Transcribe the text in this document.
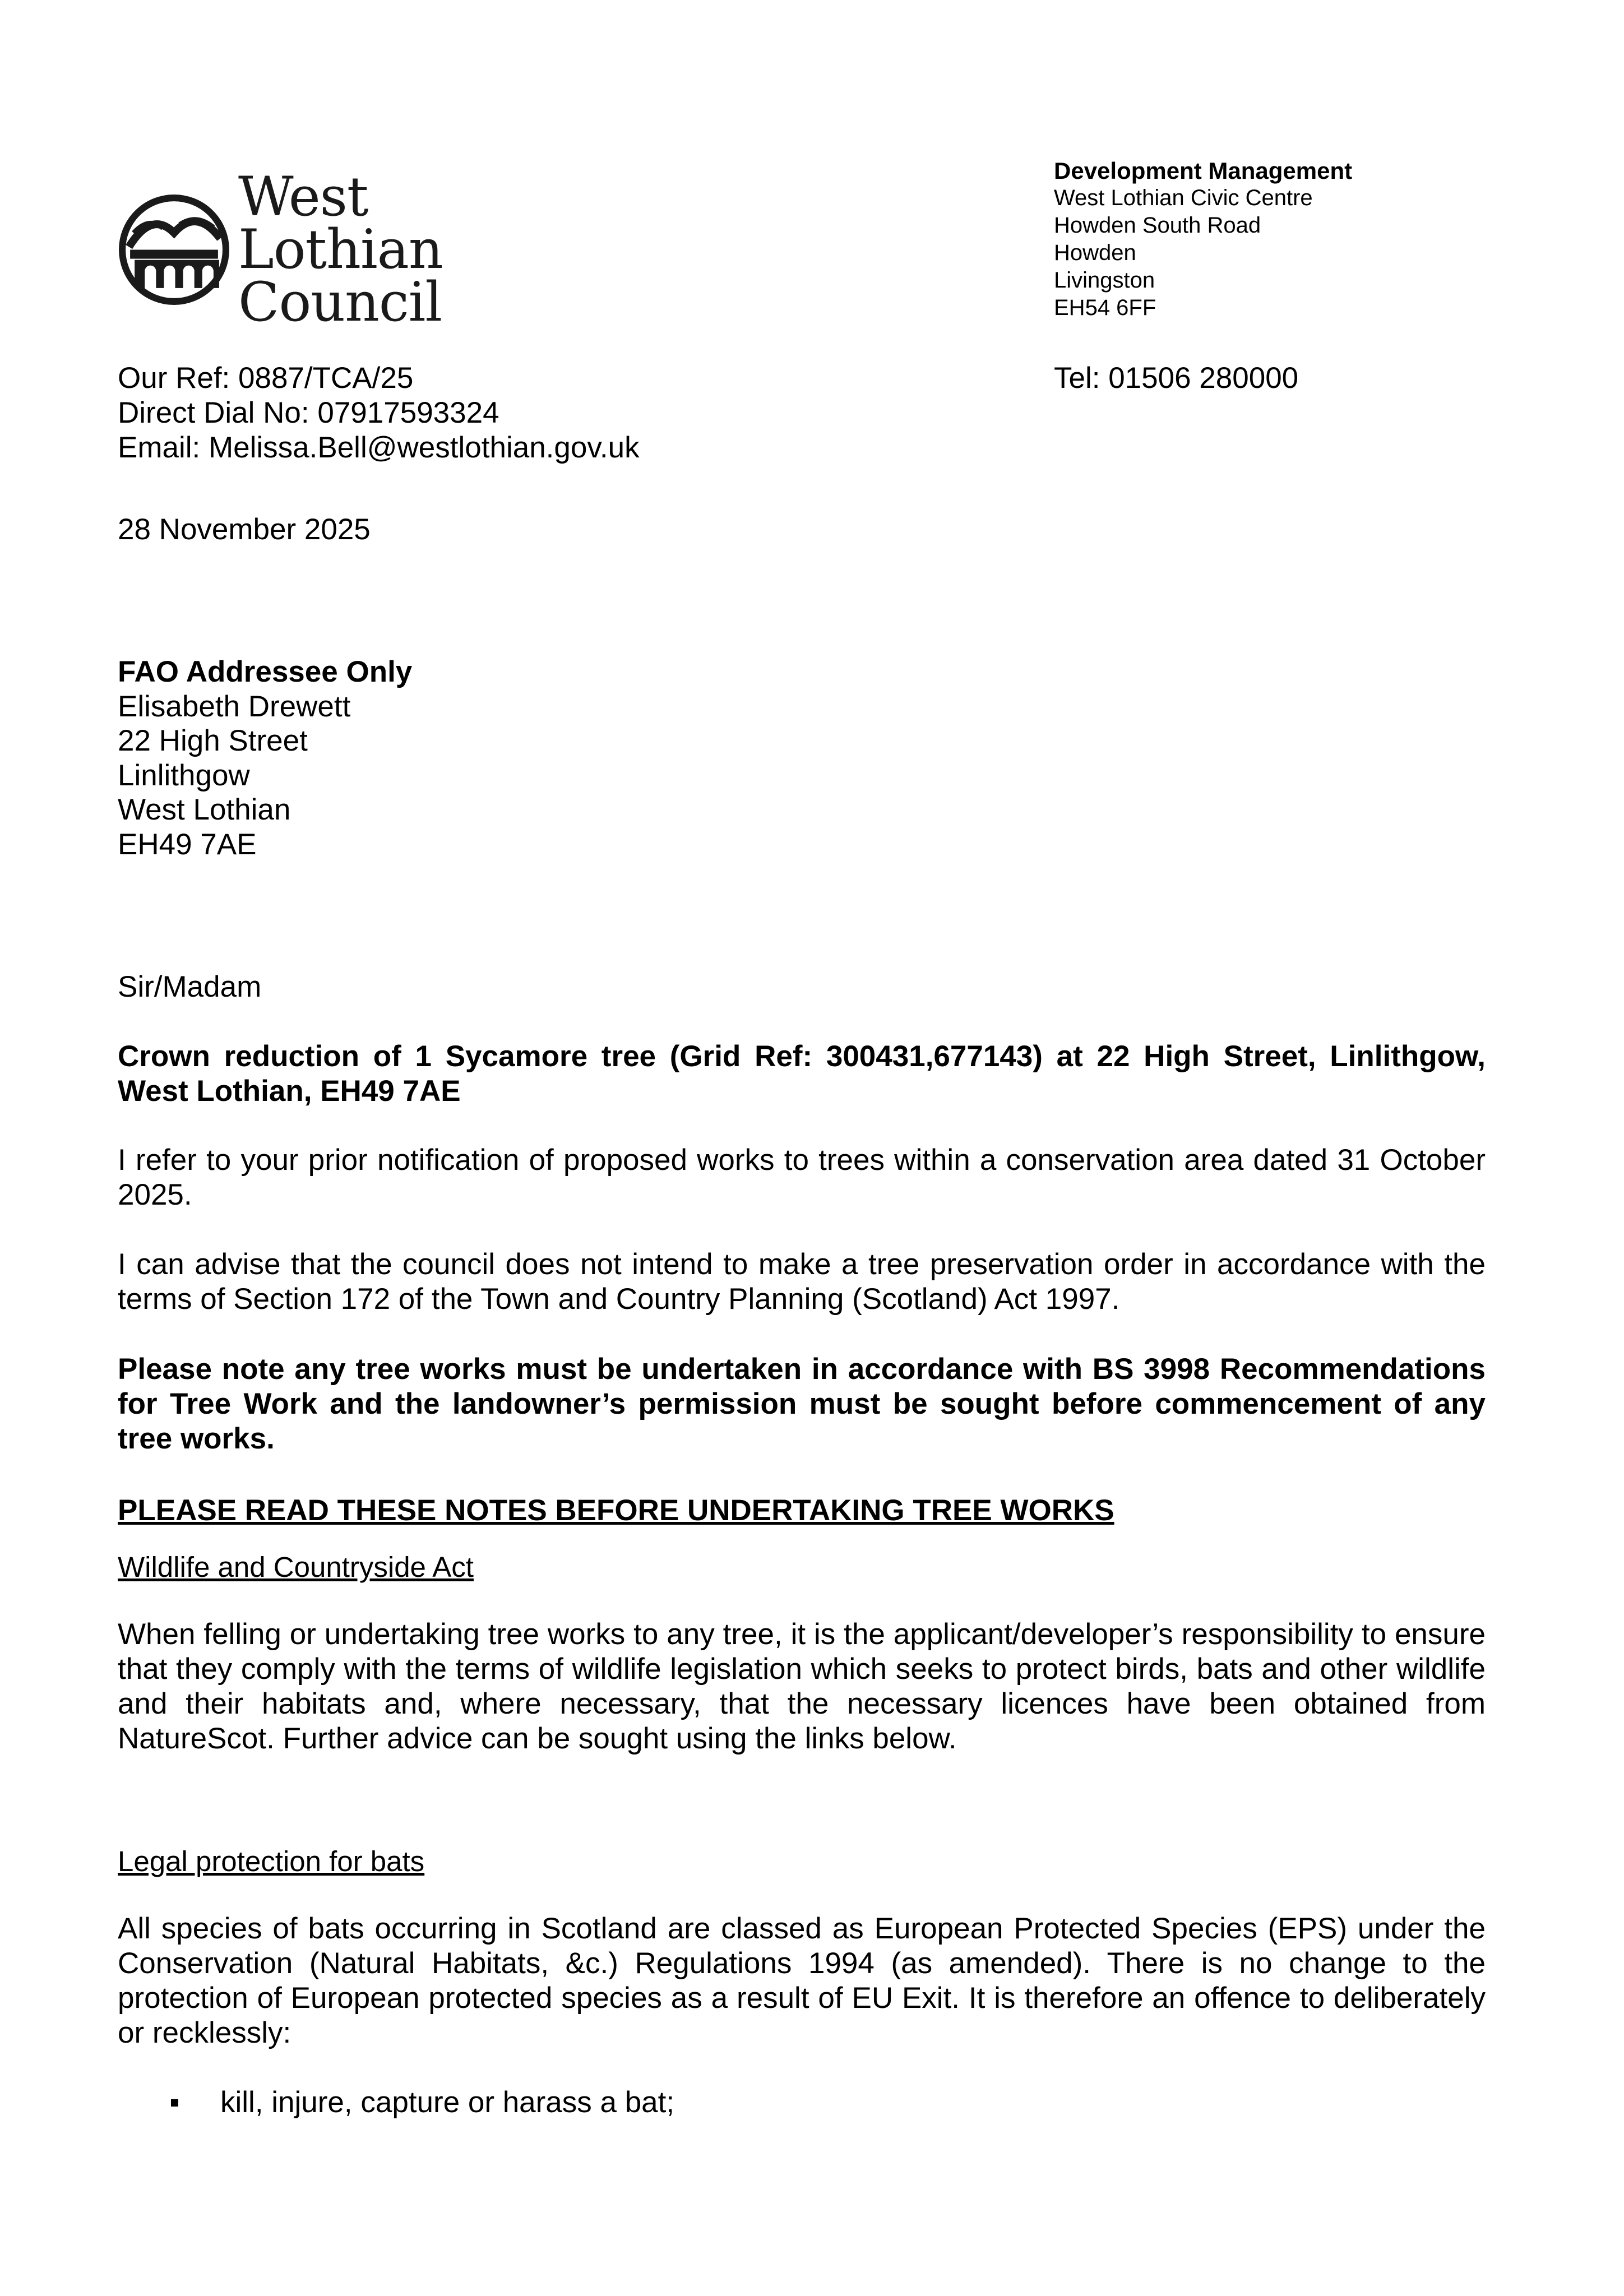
West Lothian
Council
Development Management
West Lothian Civic Centre
Howden South Road
Howden
Livingston
EH54 6FF
Tel: 01506 280000
Our Ref: 0887/TCA/25
Direct Dial No: 07917593324
Email: Melissa.Bell@westlothian.gov.uk
28 November 2025
FAO Addressee Only
Elisabeth Drewett
22 High Street
Linlithgow
West Lothian
EH49 7AE
Sir/Madam
Crown reduction of 1 Sycamore tree (Grid Ref: 300431,677143) at 22 High Street, Linlithgow, West Lothian, EH49 7AE
I refer to your prior notification of proposed works to trees within a conservation area dated 31 October 2025.
I can advise that the council does not intend to make a tree preservation order in accordance with the terms of Section 172 of the Town and Country Planning (Scotland) Act 1997.
Please note any tree works must be undertaken in accordance with BS 3998 Recommendations for Tree Work and the landowner’s permission must be sought before commencement of any tree works.
PLEASE READ THESE NOTES BEFORE UNDERTAKING TREE WORKS
Wildlife and Countryside Act
When felling or undertaking tree works to any tree, it is the applicant/developer’s responsibility to ensure that they comply with the terms of wildlife legislation which seeks to protect birds, bats and other wildlife and their habitats and, where necessary, that the necessary licences have been obtained from NatureScot. Further advice can be sought using the links below.
Legal protection for bats
All species of bats occurring in Scotland are classed as European Protected Species (EPS) under the Conservation (Natural Habitats, &c.) Regulations 1994 (as amended). There is no change to the protection of European protected species as a result of EU Exit. It is therefore an offence to deliberately or recklessly:
kill, injure, capture or harass a bat;
